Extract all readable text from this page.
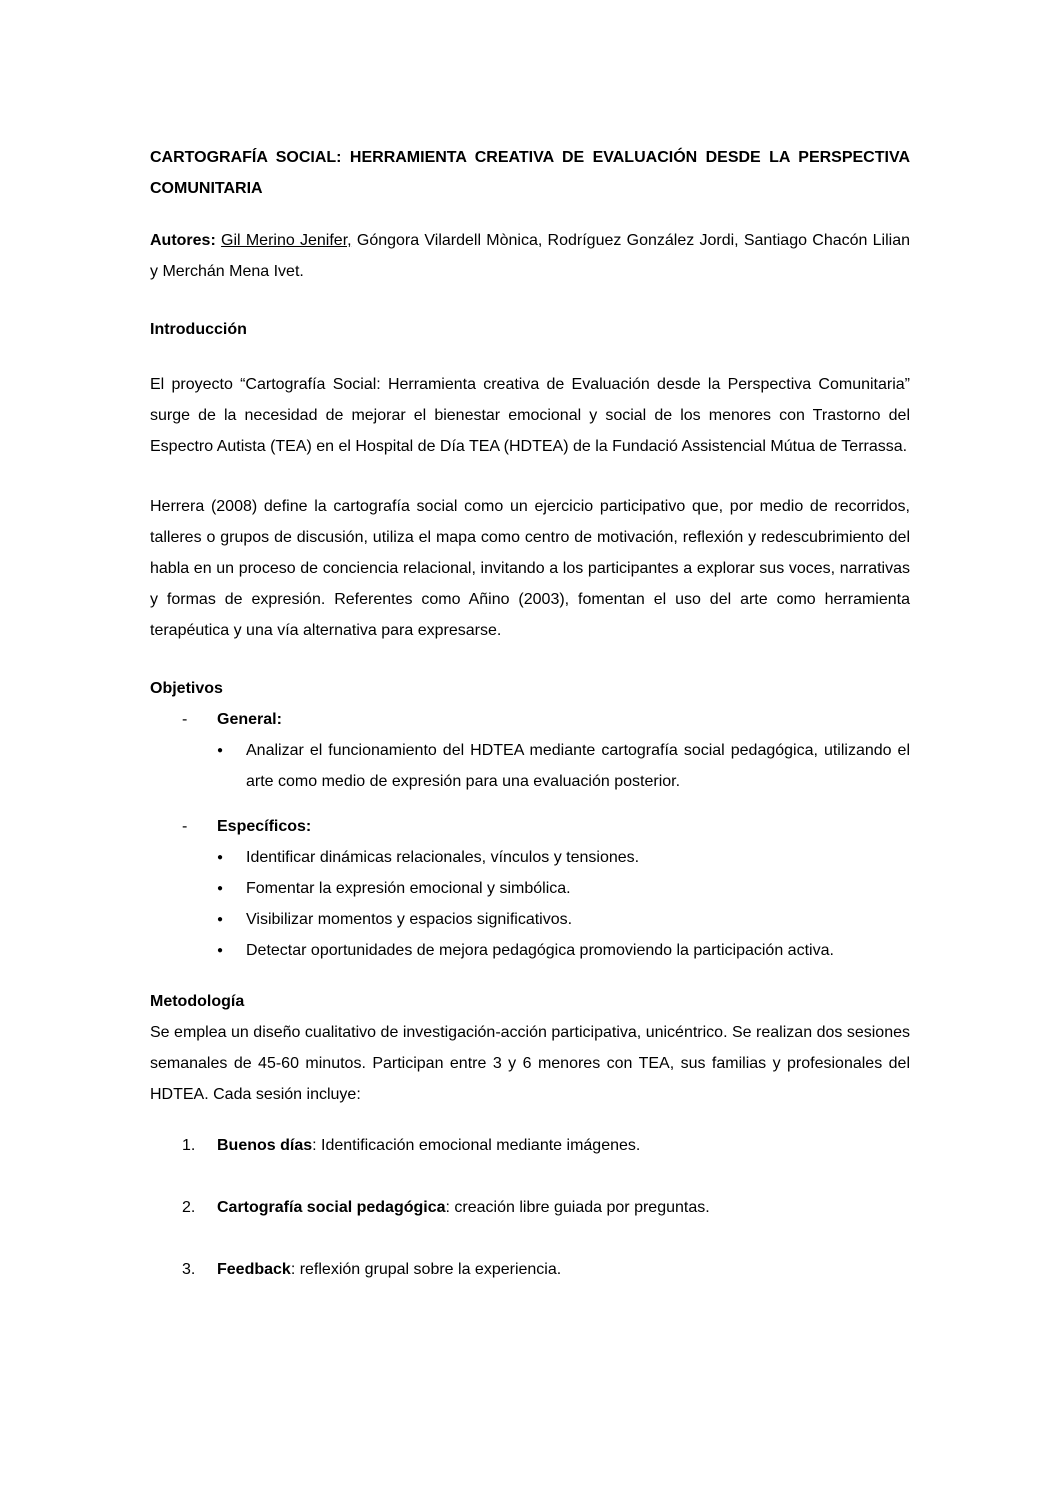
CARTOGRAFÍA SOCIAL: HERRAMIENTA CREATIVA DE EVALUACIÓN DESDE LA PERSPECTIVA COMUNITARIA

Autores: Gil Merino Jenifer, Góngora Vilardell Mònica, Rodríguez González Jordi, Santiago Chacón Lilian y Merchán Mena Ivet.

Introducción

El proyecto “Cartografía Social: Herramienta creativa de Evaluación desde la Perspectiva Comunitaria” surge de la necesidad de mejorar el bienestar emocional y social de los menores con Trastorno del Espectro Autista (TEA) en el Hospital de Día TEA (HDTEA) de la Fundació Assistencial Mútua de Terrassa.

Herrera (2008) define la cartografía social como un ejercicio participativo que, por medio de recorridos, talleres o grupos de discusión, utiliza el mapa como centro de motivación, reflexión y redescubrimiento del habla en un proceso de conciencia relacional, invitando a los participantes a explorar sus voces, narrativas y formas de expresión. Referentes como Añino (2003), fomentan el uso del arte como herramienta terapéutica y una vía alternativa para expresarse.

Objetivos
- General:
● Analizar el funcionamiento del HDTEA mediante cartografía social pedagógica, utilizando el arte como medio de expresión para una evaluación posterior.
- Específicos:
● Identificar dinámicas relacionales, vínculos y tensiones.
● Fomentar la expresión emocional y simbólica.
● Visibilizar momentos y espacios significativos.
● Detectar oportunidades de mejora pedagógica promoviendo la participación activa.
Metodología

Se emplea un diseño cualitativo de investigación-acción participativa, unicéntrico. Se realizan dos sesiones semanales de 45-60 minutos. Participan entre 3 y 6 menores con TEA, sus familias y profesionales del HDTEA. Cada sesión incluye:

1. Buenos días: Identificación emocional mediante imágenes.
2. Cartografía social pedagógica: creación libre guiada por preguntas.
3. Feedback: reflexión grupal sobre la experiencia.
